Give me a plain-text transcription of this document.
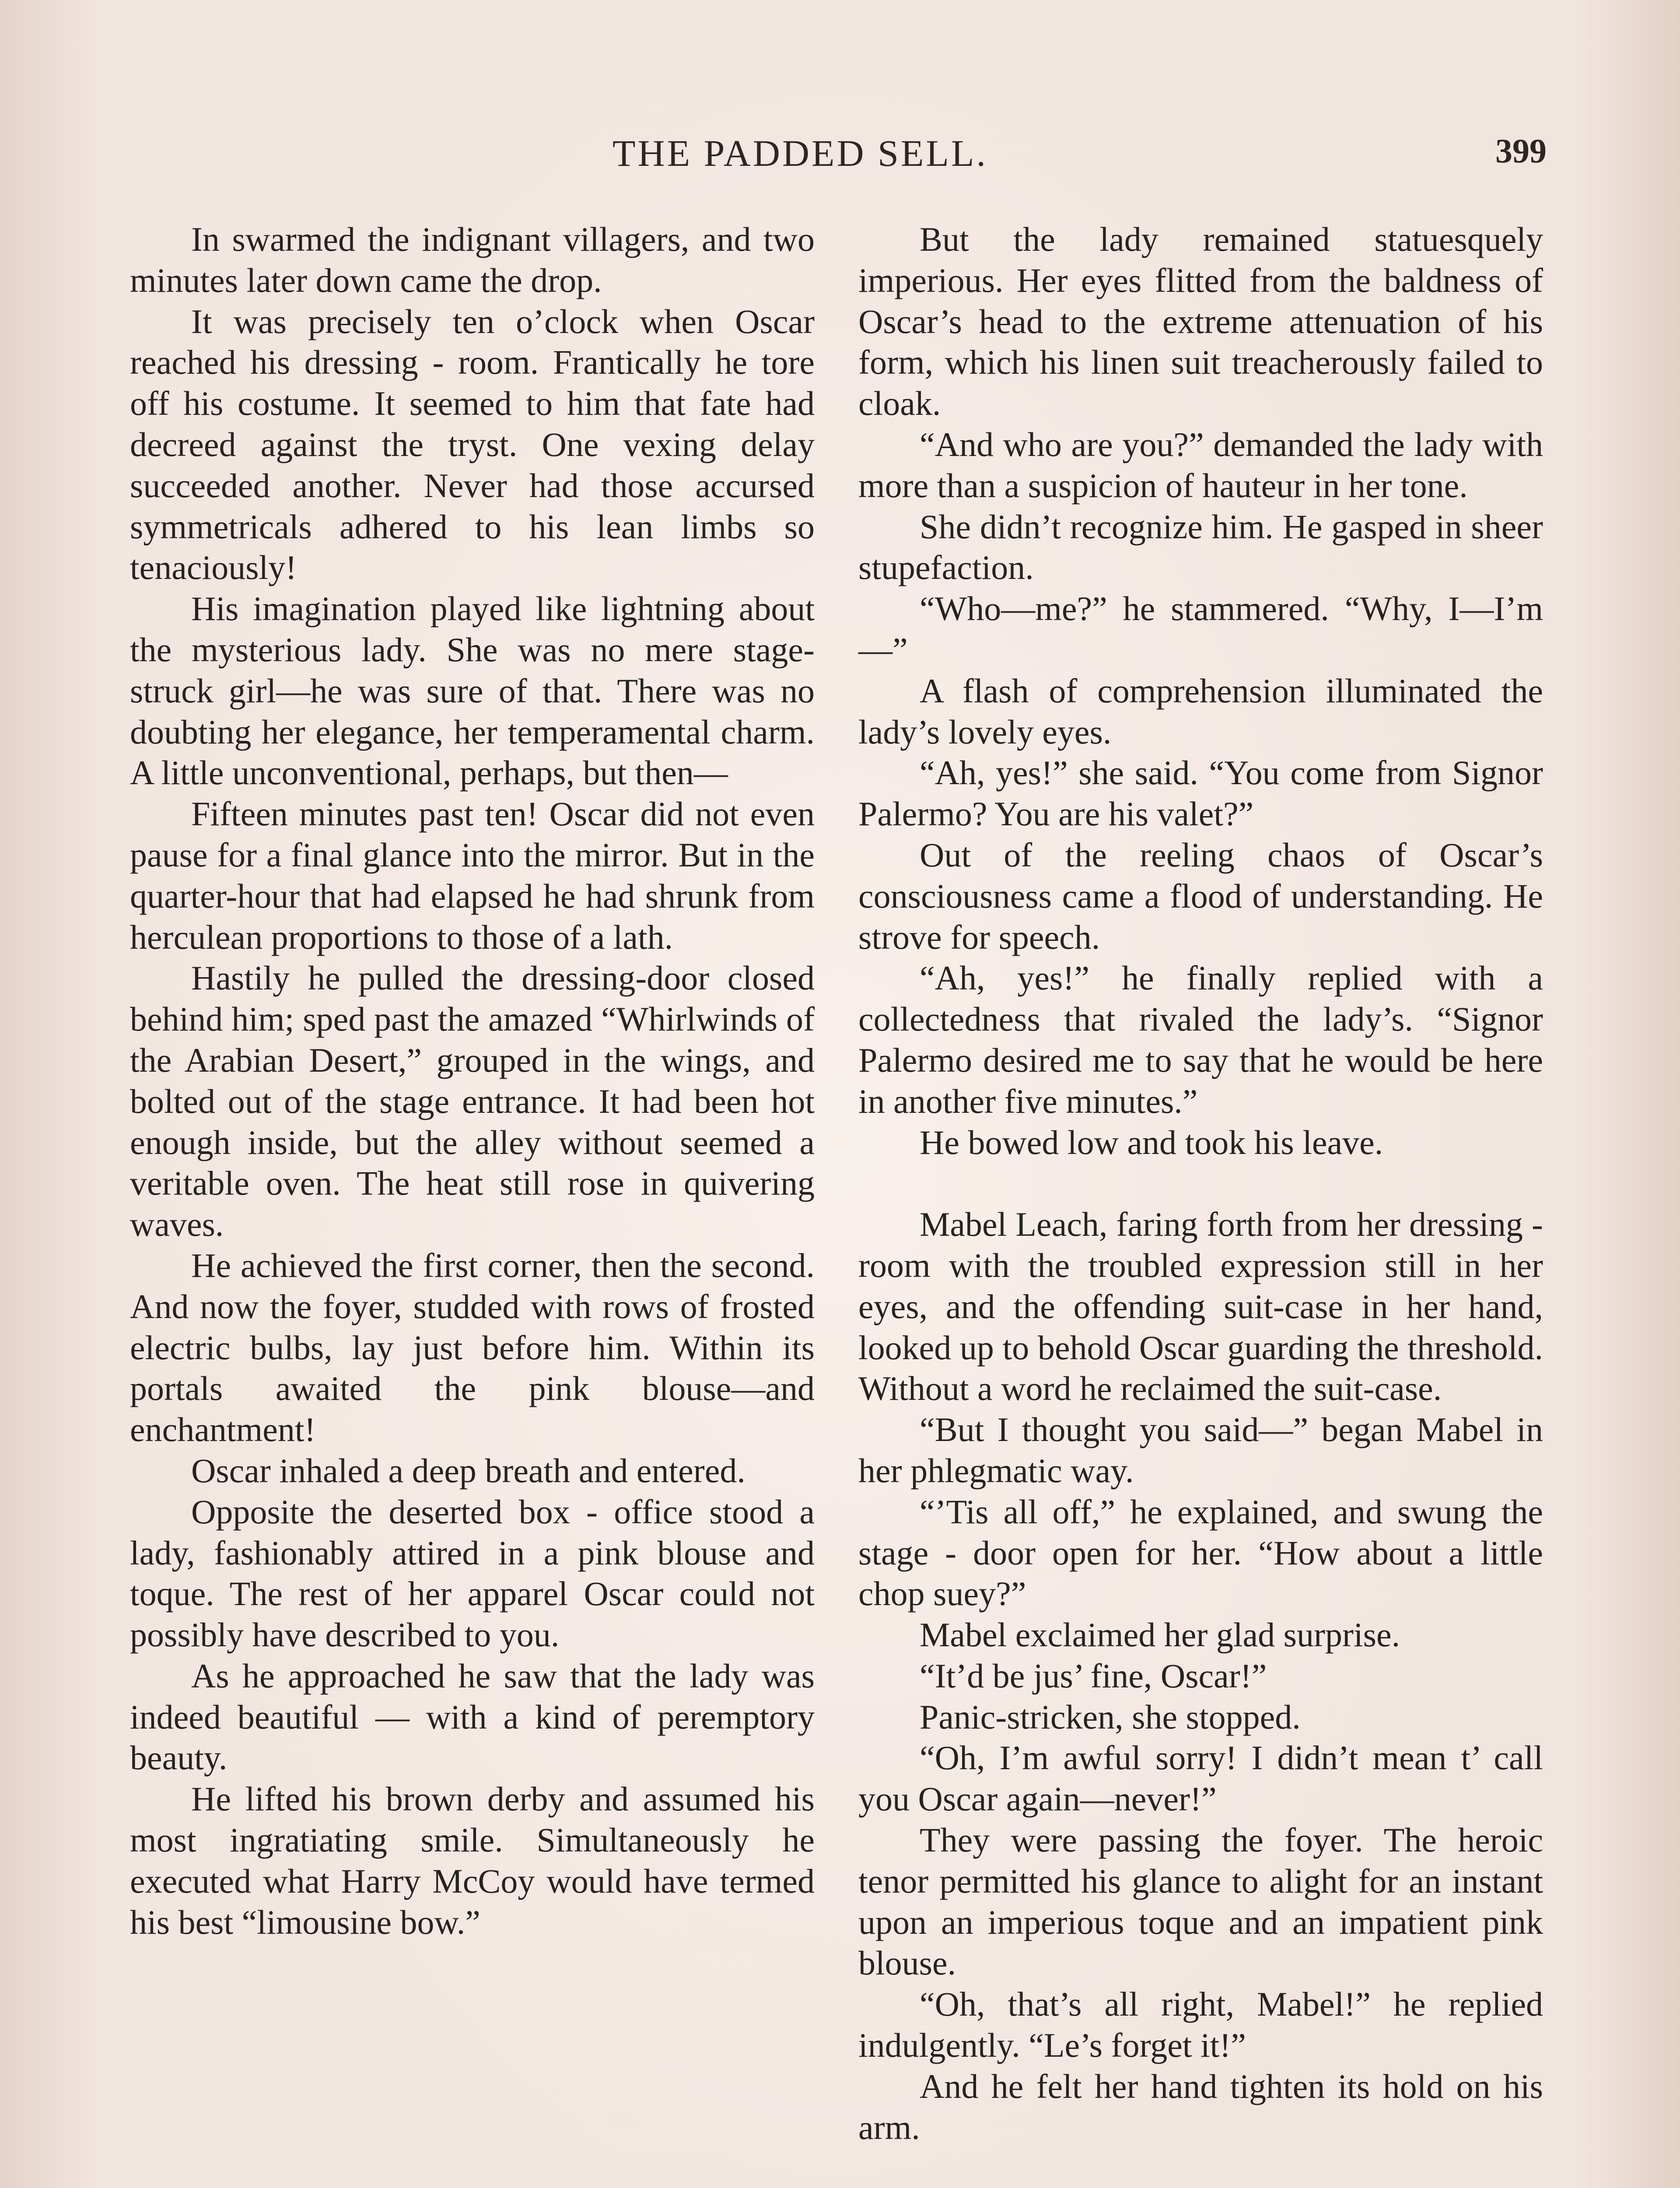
THE PADDED SELL.	399

In swarmed the indignant villagers, and two minutes later down came the drop.

It was precisely ten o’clock when Oscar reached his dressing - room. Frantically he tore off his costume. It seemed to him that fate had decreed against the tryst. One vexing delay succeeded another. Never had those accursed symmetricals adhered to his lean limbs so tenaciously!

His imagination played like lightning about the mysterious lady. She was no mere stage-struck girl—he was sure of that. There was no doubting her elegance, her temperamental charm. A little unconventional, perhaps, but then—

Fifteen minutes past ten! Oscar did not even pause for a final glance into the mirror. But in the quarter-hour that had elapsed he had shrunk from herculean proportions to those of a lath.

Hastily he pulled the dressing-door closed behind him; sped past the amazed “Whirlwinds of the Arabian Desert,” grouped in the wings, and bolted out of the stage entrance. It had been hot enough inside, but the alley without seemed a veritable oven. The heat still rose in quivering waves.

He achieved the first corner, then the second. And now the foyer, studded with rows of frosted electric bulbs, lay just before him. Within its portals awaited the pink blouse—and enchantment!

Oscar inhaled a deep breath and entered.

Opposite the deserted box - office stood a lady, fashionably attired in a pink blouse and toque. The rest of her apparel Oscar could not possibly have described to you.

As he approached he saw that the lady was indeed beautiful — with a kind of peremptory beauty.

He lifted his brown derby and assumed his most ingratiating smile. Simultaneously he executed what Harry McCoy would have termed his best “limousine bow.”

But the lady remained statuesquely imperious. Her eyes flitted from the baldness of Oscar’s head to the extreme attenuation of his form, which his linen suit treacherously failed to cloak.

“And who are you?” demanded the lady with more than a suspicion of hauteur in her tone.

She didn’t recognize him. He gasped in sheer stupefaction.

“Who—me?” he stammered. “Why, I—I’m—”

A flash of comprehension illuminated the lady’s lovely eyes.

“Ah, yes!” she said. “You come from Signor Palermo? You are his valet?”

Out of the reeling chaos of Oscar’s consciousness came a flood of understanding. He strove for speech.

“Ah, yes!” he finally replied with a collectedness that rivaled the lady’s. “Signor Palermo desired me to say that he would be here in another five minutes.”

He bowed low and took his leave.

Mabel Leach, faring forth from her dressing - room with the troubled expression still in her eyes, and the offending suit-case in her hand, looked up to behold Oscar guarding the threshold. Without a word he reclaimed the suit-case.

“But I thought you said—” began Mabel in her phlegmatic way.

“’Tis all off,” he explained, and swung the stage - door open for her. “How about a little chop suey?”

Mabel exclaimed her glad surprise.

“It’d be jus’ fine, Oscar!”

Panic-stricken, she stopped.

“Oh, I’m awful sorry! I didn’t mean t’ call you Oscar again—never!”

They were passing the foyer. The heroic tenor permitted his glance to alight for an instant upon an imperious toque and an impatient pink blouse.

“Oh, that’s all right, Mabel!” he replied indulgently. “Le’s forget it!”

And he felt her hand tighten its hold on his arm.
